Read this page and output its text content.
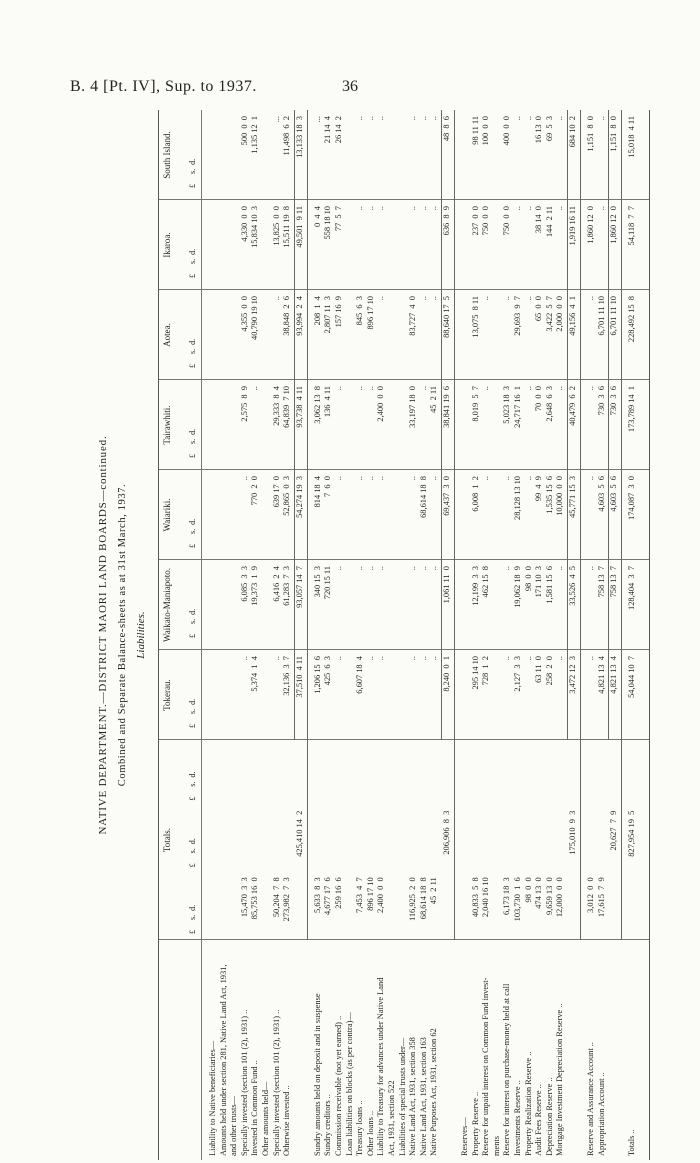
B. 4 [Pt. IV], Sup. to 1937.	36
NATIVE DEPARTMENT.—DISTRICT MAORI LAND BOARDS—continued. Combined and Separate Balance-sheets as at 31st March, 1937. Liabilities.
Totals.
Tokerau.
Waikato-Maniapoto.
Waiariki.
Tairawhiti.
Aotea.
Ikaroa.
South Island.
£     s.  d.
£     s.  d.
£     s.  d.
£     s.  d.
£     s.  d.
£     s.  d.
£     s.  d.
£     s.  d.
£     s.  d.
£     s.  d.
Liability to Native beneficiaries— Amounts held under section 281, Native Land Act, 1931, and other trusts— Specially invested (section 101 (2), 1931) ..
15,470  3  3
..
6,085  3  3
..
2,575  8  9
4,355  0  0
4,330  0  0
500  0  0
Invested in Common Fund ..
85,753 16  0
5,374  1  4
19,373  1  9
770  2  0
..
40,790 19 10
15,834 10  3
1,135 12  1
Other amounts held— Specially invested (section 101 (2), 1931) ..
50,204  7  8
..
6,416  2  4
639 17  0
29,333  8  4
..
13,825  0  0
...
Otherwise invested ..
273,982  7  3
32,136  3  7
61,283  7  3
52,865  0  3
64,839  7 10
38,848  2  6
15,511 19  8
11,498  6  2
425,410 14  2
37,510  4 11
93,057 14  7
54,274 19  3
93,738  4 11
93,994  2  4
49,501  9 11
13,133 18  3
Sundry amounts held on deposit and in suspense
5,633  8  3
1,206 15  6
340 15  3
814 18  4
3,062 13  8
208  1  4
0  4  4
...
Sundry creditors ..
4,677 17  6
425  6  3
720 15 11
7  6  0
136  4 11
2,807 11  3
558 18 10
21 14  4
Commission receivable (not yet earned) ..
259 16  6
..
..
..
..
157 16  9
77  5  7
26 14  2
Loan liabilities on blocks (as per contra)— Treasury loans ..
7,453  4  7
6,607 18  4
..
..
..
845  6  3
..
..
Other loans ..
896 17 10
..
..
..
..
896 17 10
..
..
Liability to Treasury for advances under Native Land
2,400  0  0
..
..
..
2,400  0  0
..
..
..
Act, 1931, section 522 Liabilities of special trusts under— Native Land Act, 1931, section 358
116,925  2  0
..
..
..
33,197 18  0
83,727  4  0
..
..
Native Land Act, 1931, section 163
68,614 18  8
..
..
68,614 18  8
..
..
..
..
Native Purposes Act, 1931, section 62
45  2 11
..
..
..
45  2 11
..
..
..
206,906  8  3
8,240  0  1
1,061 11  0
69,437  3  0
38,841 19  6
88,640 17  5
636  8  9
48  8  6
Reserves— Property Reserve ..
40,833  5  8
295 14 10
12,199  3  3
6,008  1  2
8,019  5  7
13,075  8 11
237  0  0
98 11 11
Reserve for unpaid interest on Common Fund invest-
2,040 16 10
728  1  2
462 15  8
..
..
..
750  0  0
100  0  0
ments Reserve for interest on purchase-money held at call
6,173 18  3
..
..
..
5,023 18  3
..
750  0  0
400  0  0
Investments Reserve ..
103,730  1  6
2,127  3  3
19,062 18  9
28,128 13 10
24,717 16  1
29,693  9  7
..
..
Property Realization Reserve ..
98  0  0
..
98  0  0
..
..
..
..
..
Audit Fees Reserve ..
474 13  0
63 11  0
171 10  3
99  4  9
70  0  0
65  0  0
38 14  0
16 13  0
Depreciation Reserve ..
9,659 13  0
258  2  0
1,581 15  6
1,535 15  6
2,648  6  3
3,422  5  7
144  2 11
69  5  3
Mortgage Investment Depreciation Reserve ..
12,000  0  0
..
..
10,000  0  0
..
2,000  0  0
..
..
175,010  9  3
3,472 12  3
33,526  4  5
45,771 15  3
40,479  6  2
49,156  4  1
1,919 16 11
684 10  2
Reserve and Assurance Account ..
3,012  0  0
..
..
..
..
..
1,860 12  0
1,151  8  0
Appropriation Account ..
17,615  7  9
4,821 13  4
758 13  7
4,603  5  6
730  3  6
6,701 11 10
..
..
20,627  7  9
4,821 13  4
758 13  7
4,603  5  6
730  3  6
6,701 11 10
1,860 12  0
1,151  8  0
Totals ..
827,954 19  5
54,044 10  7
128,404  3  7
174,087  3  0
173,789 14  1
228,492 15  8
54,118  7  7
15,018  4 11
